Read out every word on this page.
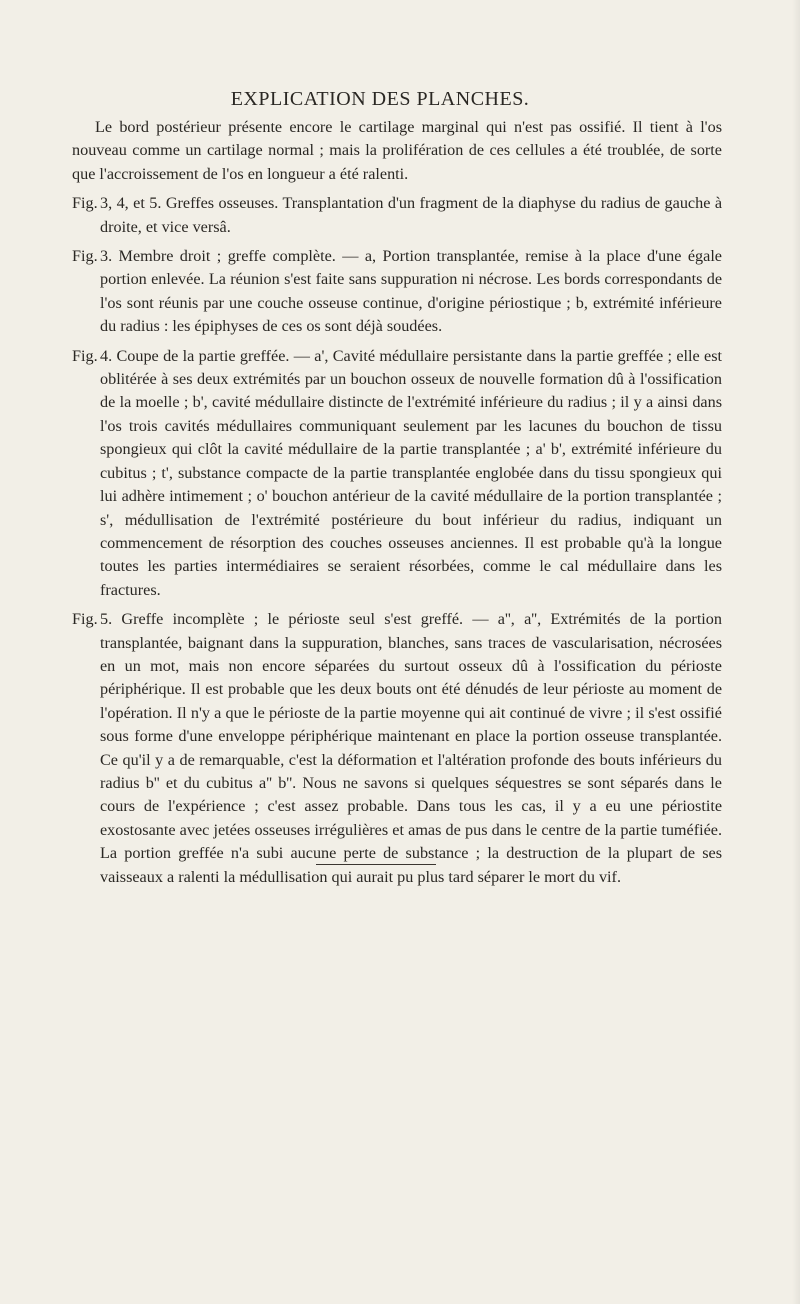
EXPLICATION DES PLANCHES.

Le bord postérieur présente encore le cartilage marginal qui n'est pas ossifié. Il tient à l'os nouveau comme un cartilage normal ; mais la prolifération de ces cellules a été troublée, de sorte que l'accroissement de l'os en longueur a été ralenti.

Fig. 3, 4, et 5. Greffes osseuses. Transplantation d'un fragment de la diaphyse du radius de gauche à droite, et vice versâ.

Fig. 3. Membre droit ; greffe complète. — a, Portion transplantée, remise à la place d'une égale portion enlevée. La réunion s'est faite sans suppuration ni nécrose. Les bords correspondants de l'os sont réunis par une couche osseuse continue, d'origine périostique ; b, extrémité inférieure du radius : les épiphyses de ces os sont déjà soudées.

Fig. 4. Coupe de la partie greffée. — a', Cavité médullaire persistante dans la partie greffée ; elle est oblitérée à ses deux extrémités par un bouchon osseux de nouvelle formation dû à l'ossification de la moelle ; b', cavité médullaire distincte de l'extrémité inférieure du radius ; il y a ainsi dans l'os trois cavités médullaires communiquant seulement par les lacunes du bouchon de tissu spongieux qui clôt la cavité médullaire de la partie transplantée ; a' b', extrémité inférieure du cubitus ; t', substance compacte de la partie transplantée englobée dans du tissu spongieux qui lui adhère intimement ; o' bouchon antérieur de la cavité médullaire de la portion transplantée ; s', médullisation de l'extrémité postérieure du bout inférieur du radius, indiquant un commencement de résorption des couches osseuses anciennes. Il est probable qu'à la longue toutes les parties intermédiaires se seraient résorbées, comme le cal médullaire dans les fractures.

Fig. 5. Greffe incomplète ; le périoste seul s'est greffé. — a'', a'', Extrémités de la portion transplantée, baignant dans la suppuration, blanches, sans traces de vascularisation, nécrosées en un mot, mais non encore séparées du surtout osseux dû à l'ossification du périoste périphérique. Il est probable que les deux bouts ont été dénudés de leur périoste au moment de l'opération. Il n'y a que le périoste de la partie moyenne qui ait continué de vivre ; il s'est ossifié sous forme d'une enveloppe périphérique maintenant en place la portion osseuse transplantée. Ce qu'il y a de remarquable, c'est la déformation et l'altération profonde des bouts inférieurs du radius b'' et du cubitus a'' b''. Nous ne savons si quelques séquestres se sont séparés dans le cours de l'expérience ; c'est assez probable. Dans tous les cas, il y a eu une périostite exostosante avec jetées osseuses irrégulières et amas de pus dans le centre de la partie tuméfiée. La portion greffée n'a subi aucune perte de substance ; la destruction de la plupart de ses vaisseaux a ralenti la médullisation qui aurait pu plus tard séparer le mort du vif.
